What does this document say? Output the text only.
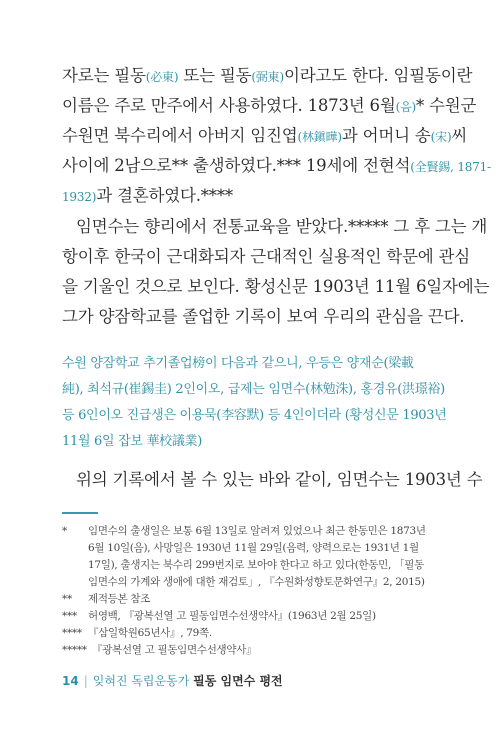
자로는 필동(必東) 또는 필동(弼東)이라고도 한다. 임필동이란
이름은 주로 만주에서 사용하였다. 1873년 6월(음)* 수원군
수원면 북수리에서 아버지 임진엽(林鎭曄)과 어머니 송(宋)씨
사이에 2남으로** 출생하였다.*** 19세에 전현석(全賢錫, 1871-
1932)과 결혼하였다.****
임면수는 향리에서 전통교육을 받았다.***** 그 후 그는 개
항이후 한국이 근대화되자 근대적인 실용적인 학문에 관심
을 기울인 것으로 보인다. 황성신문 1903년 11월 6일자에는
그가 양잠학교를 졸업한 기록이 보여 우리의 관심을 끈다.
수원 양잠학교 추기졸업榜이 다음과 같으니, 우등은 양재순(梁載
純), 최석규(崔錫圭) 2인이오, 급제는 임면수(林勉洙), 홍경유(洪璟裕)
등 6인이오 진급생은 이용묵(李容默) 등 4인이더라 (황성신문 1903년
11월 6일 잡보 華校議業)
위의 기록에서 볼 수 있는 바와 같이, 임면수는 1903년 수
* 임면수의 출생일은 보통 6월 13일로 알려져 있었으나 최근 한동민은 1873년
6월 10일(음), 사망일은 1930년 11월 29일(음력, 양력으로는 1931년 1월
17일), 출생지는 북수리 299번지로 보아야 한다고 하고 있다(한동민, 「필동
임면수의 가계와 생애에 대한 재검토」, 『수원화성향토문화연구』2, 2015)
** 제적등본 참조
*** 허영백, 『광복선열 고 필동임면수선생약사』(1963년 2월 25일)
**** 『삼일학원65년사』, 79쪽.
***** 『광복선열 고 필동임면수선생약사』
14 | 잊혀진 독립운동가 필동 임면수 평전
